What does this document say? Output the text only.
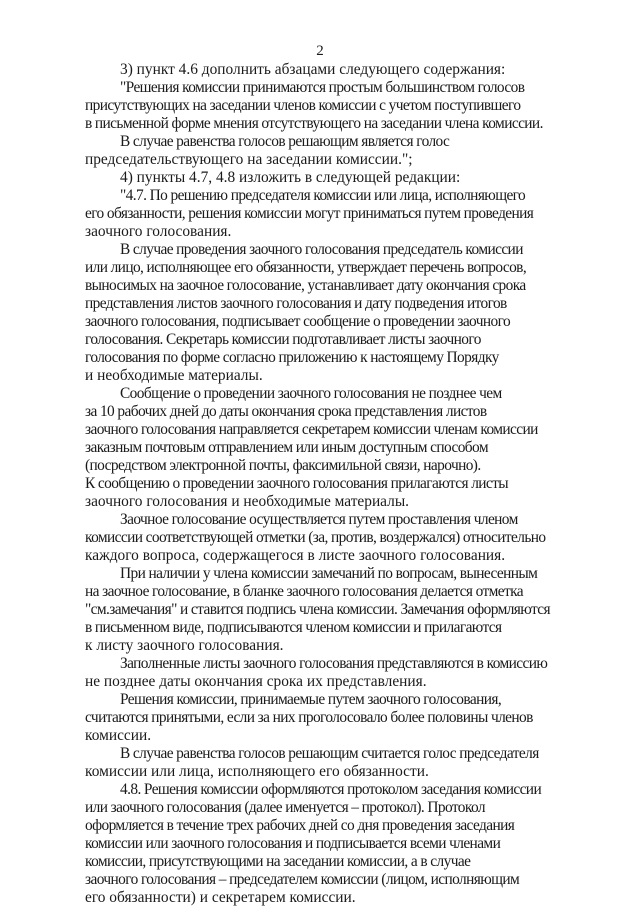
2
3) пункт 4.6 дополнить абзацами следующего содержания:
"Решения комиссии принимаются простым большинством голосов
присутствующих на заседании членов комиссии с учетом поступившего
в письменной форме мнения отсутствующего на заседании члена комиссии.
В случае равенства голосов решающим является голос
председательствующего на заседании комиссии.";
4) пункты 4.7, 4.8 изложить в следующей редакции:
"4.7. По решению председателя комиссии или лица, исполняющего
его обязанности, решения комиссии могут приниматься путем проведения
заочного голосования.
В случае проведения заочного голосования председатель комиссии
или лицо, исполняющее его обязанности, утверждает перечень вопросов,
выносимых на заочное голосование, устанавливает дату окончания срока
представления листов заочного голосования и дату подведения итогов
заочного голосования, подписывает сообщение о проведении заочного
голосования. Секретарь комиссии подготавливает листы заочного
голосования по форме согласно приложению к настоящему Порядку
и необходимые материалы.
Сообщение о проведении заочного голосования не позднее чем
за 10 рабочих дней до даты окончания срока представления листов
заочного голосования направляется секретарем комиссии членам комиссии
заказным почтовым отправлением или иным доступным способом
(посредством электронной почты, факсимильной связи, нарочно).
К сообщению о проведении заочного голосования прилагаются листы
заочного голосования и необходимые материалы.
Заочное голосование осуществляется путем проставления членом
комиссии соответствующей отметки (за, против, воздержался) относительно
каждого вопроса, содержащегося в листе заочного голосования.
При наличии у члена комиссии замечаний по вопросам, вынесенным
на заочное голосование, в бланке заочного голосования делается отметка
"см.замечания" и ставится подпись члена комиссии. Замечания оформляются
в письменном виде, подписываются членом комиссии и прилагаются
к листу заочного голосования.
Заполненные листы заочного голосования представляются в комиссию
не позднее даты окончания срока их представления.
Решения комиссии, принимаемые путем заочного голосования,
считаются принятыми, если за них проголосовало более половины членов
комиссии.
В случае равенства голосов решающим считается голос председателя
комиссии или лица, исполняющего его обязанности.
4.8. Решения комиссии оформляются протоколом заседания комиссии
или заочного голосования (далее именуется – протокол). Протокол
оформляется в течение трех рабочих дней со дня проведения заседания
комиссии или заочного голосования и подписывается всеми членами
комиссии, присутствующими на заседании комиссии, а в случае
заочного голосования – председателем комиссии (лицом, исполняющим
его обязанности) и секретарем комиссии.
